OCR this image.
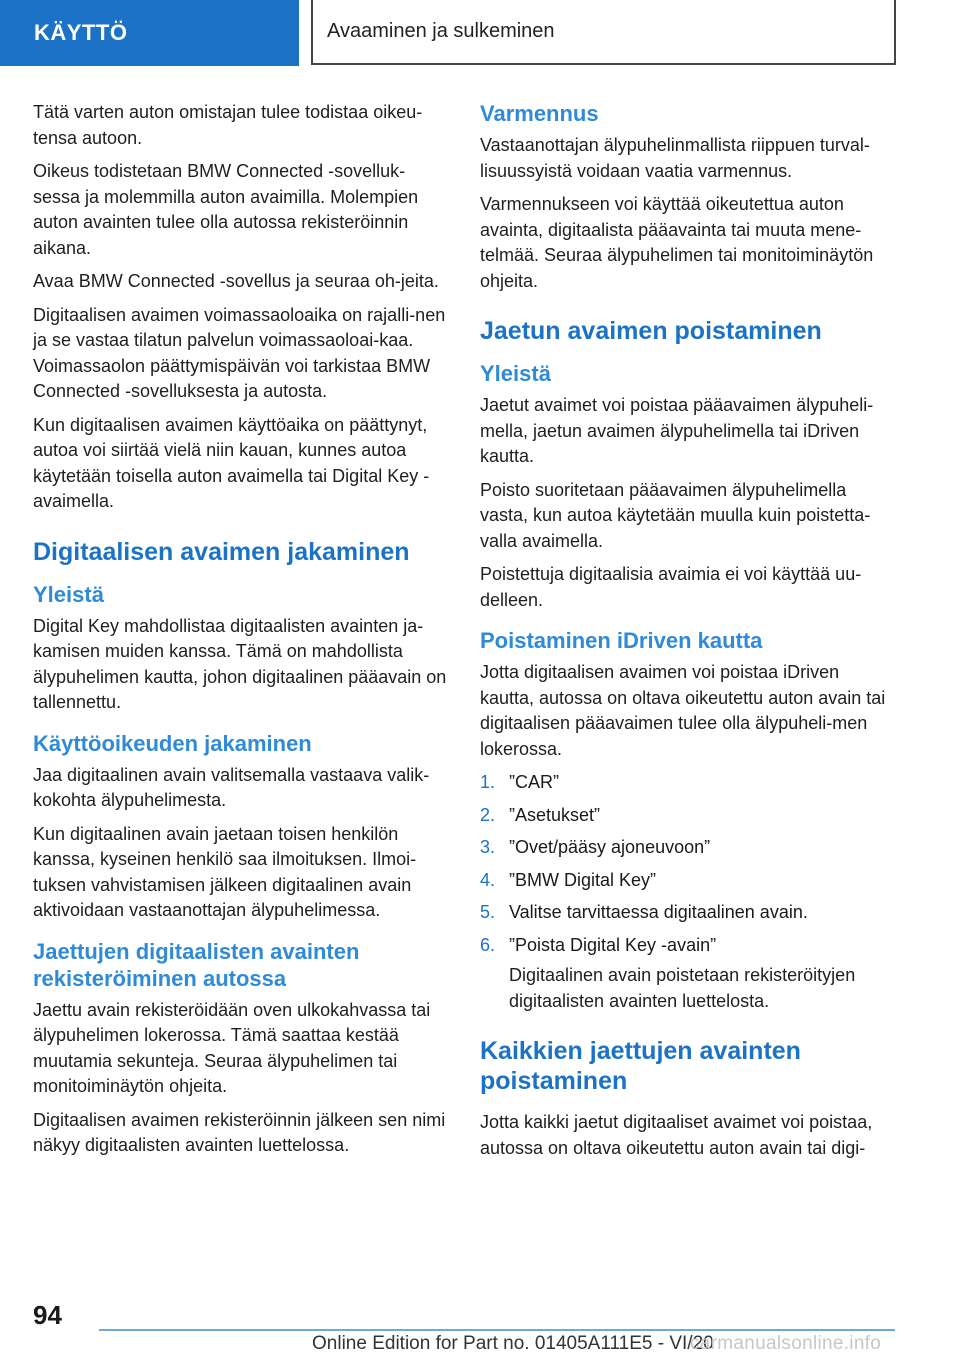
KÄYTTÖ	Avaaminen ja sulkeminen

Tätä varten auton omistajan tulee todistaa oikeu‐tensa autoon.

Oikeus todistetaan BMW Connected -sovelluk‐sessa ja molemmilla auton avaimilla. Molempien auton avainten tulee olla autossa rekisteröinnin aikana.

Avaa BMW Connected -sovellus ja seuraa oh‐jeita.

Digitaalisen avaimen voimassaoloaika on rajalli‐nen ja se vastaa tilatun palvelun voimassaoloai‐kaa. Voimassaolon päättymispäivän voi tarkistaa BMW Connected -sovelluksesta ja autosta.

Kun digitaalisen avaimen käyttöaika on päättynyt, autoa voi siirtää vielä niin kauan, kunnes autoa käytetään toisella auton avaimella tai Digital Key -avaimella.

Digitaalisen avaimen jakaminen
Yleistä

Digital Key mahdollistaa digitaalisten avainten ja‐kamisen muiden kanssa. Tämä on mahdollista älypuhelimen kautta, johon digitaalinen pääavain on tallennettu.

Käyttöoikeuden jakaminen

Jaa digitaalinen avain valitsemalla vastaava valik‐kokohta älypuhelimesta.

Kun digitaalinen avain jaetaan toisen henkilön kanssa, kyseinen henkilö saa ilmoituksen. Ilmoi‐tuksen vahvistamisen jälkeen digitaalinen avain aktivoidaan vastaanottajan älypuhelimessa.

Jaettujen digitaalisten avainten rekisteröiminen autossa

Jaettu avain rekisteröidään oven ulkokahvassa tai älypuhelimen lokerossa. Tämä saattaa kestää muutamia sekunteja. Seuraa älypuhelimen tai monitoiminäytön ohjeita.

Digitaalisen avaimen rekisteröinnin jälkeen sen nimi näkyy digitaalisten avainten luettelossa.

Varmennus

Vastaanottajan älypuhelinmallista riippuen turval‐lisuussyistä voidaan vaatia varmennus.

Varmennukseen voi käyttää oikeutettua auton avainta, digitaalista pääavainta tai muuta mene‐telmää. Seuraa älypuhelimen tai monitoiminäytön ohjeita.

Jaetun avaimen poistaminen
Yleistä

Jaetut avaimet voi poistaa pääavaimen älypuheli‐mella, jaetun avaimen älypuhelimella tai iDriven kautta.

Poisto suoritetaan pääavaimen älypuhelimella vasta, kun autoa käytetään muulla kuin poistetta‐valla avaimella.

Poistettuja digitaalisia avaimia ei voi käyttää uu‐delleen.

Poistaminen iDriven kautta

Jotta digitaalisen avaimen voi poistaa iDriven kautta, autossa on oltava oikeutettu auton avain tai digitaalisen pääavaimen tulee olla älypuheli‐men lokerossa.

1. ”CAR”
2. ”Asetukset”
3. ”Ovet/pääsy ajoneuvoon”
4. ”BMW Digital Key”
5. Valitse tarvittaessa digitaalinen avain.
6. ”Poista Digital Key -avain”

Digitaalinen avain poistetaan rekisteröityjen digitaalisten avainten luettelosta.

Kaikkien jaettujen avainten poistaminen

Jotta kaikki jaetut digitaaliset avaimet voi poistaa, autossa on oltava oikeutettu auton avain tai digi‐

94
Online Edition for Part no. 01405A111E5 - VI/20
carmanualsonline.info
